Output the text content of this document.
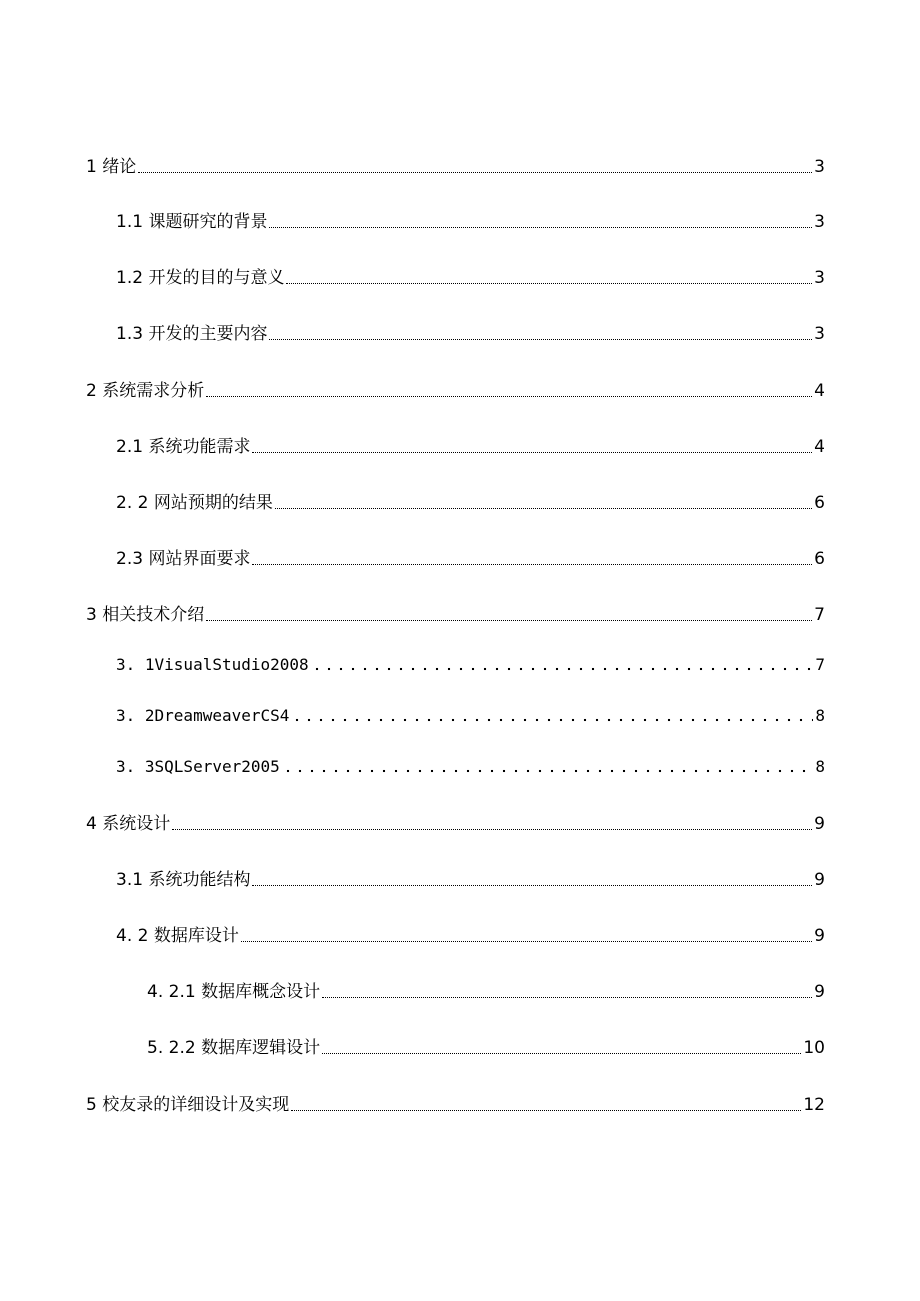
1 绪论	3
1.1 课题研究的背景	3
1.2 开发的目的与意义	3
1.3 开发的主要内容	3
2 系统需求分析	4
2.1 系统功能需求	4
2. 2 网站预期的结果	6
2.3 网站界面要求	6
3 相关技术介绍	7
3. 1VisualStudio2008	7
3. 2DreamweaverCS4	8
3. 3SQLServer2005	8
4 系统设计	9
3.1 系统功能结构	9
4. 2 数据库设计	9
4. 2.1 数据库概念设计	9
5. 2.2 数据库逻辑设计	10
5 校友录的详细设计及实现	12
